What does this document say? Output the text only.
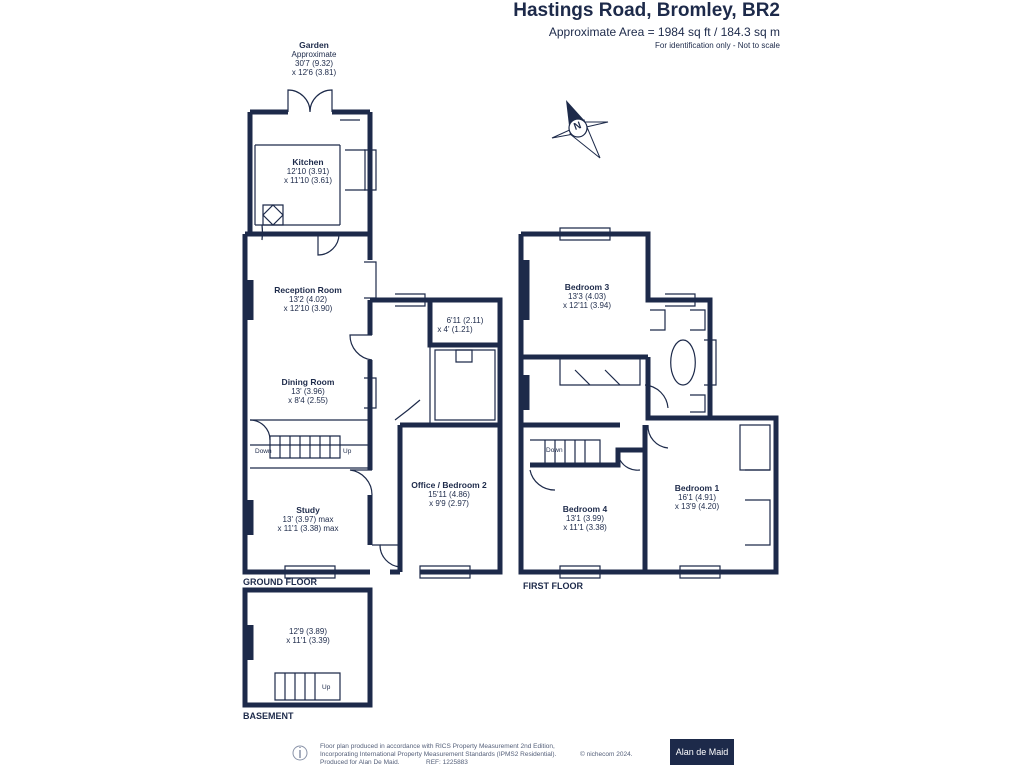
Hastings Road, Bromley, BR2
Approximate Area = 1984 sq ft / 184.3 sq m
For identification only - Not to scale
N
Garden
Approximate
30'7 (9.32)
x 12'6 (3.81)
Kitchen
12'10 (3.91)
x 11'10 (3.61)
Reception Room
13'2 (4.02)
x 12'10 (3.90)
Dining Room
13' (3.96)
x 8'4 (2.55)
Down	Up
Study
13' (3.97) max
x 11'1 (3.38) max
6'11 (2.11)
x 4' (1.21)
Office / Bedroom 2
15'11 (4.86)
x 9'9 (2.97)
GROUND FLOOR
Bedroom 3
13'3 (4.03)
x 12'11 (3.94)
Down
Bedroom 4
13'1 (3.99)
x 11'1 (3.38)
Bedroom 1
16'1 (4.91)
x 13'9 (4.20)
FIRST FLOOR
12'9 (3.89)
x 11'1 (3.39)
Up
BASEMENT
Floor plan produced in accordance with RICS Property Measurement 2nd Edition,
Incorporating International Property Measurement Standards (IPMS2 Residential).	© nichecom 2024.
Produced for Alan De Maid.	REF: 1225883
Alan de Maid
